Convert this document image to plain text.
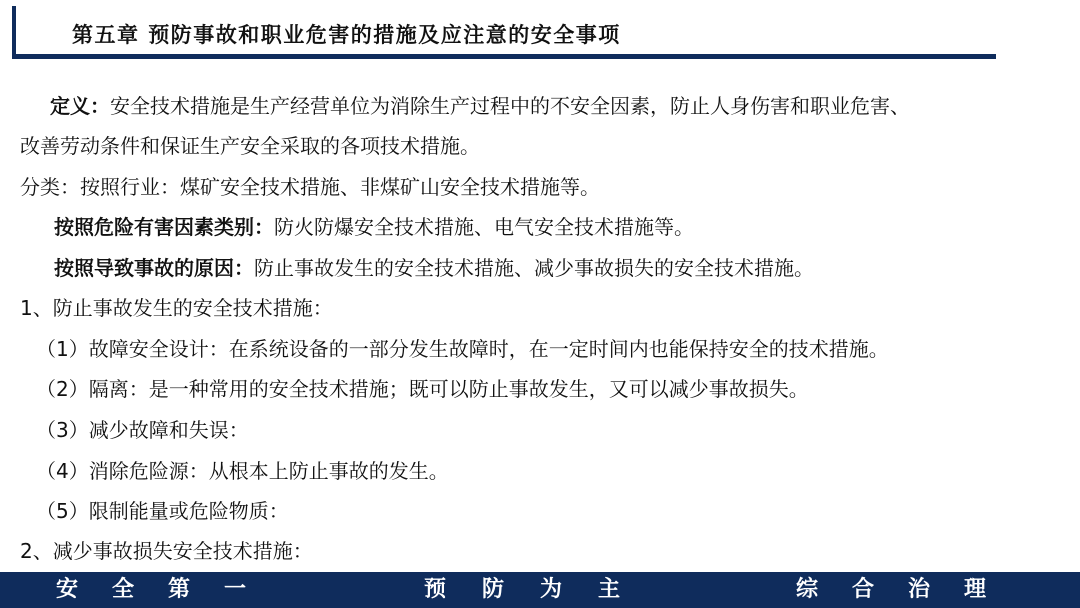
第五章 预防事故和职业危害的措施及应注意的安全事项
定义：安全技术措施是生产经营单位为消除生产过程中的不安全因素，防止人身伤害和职业危害、
改善劳动条件和保证生产安全采取的各项技术措施。
分类：按照行业：煤矿安全技术措施、非煤矿山安全技术措施等。
按照危险有害因素类别：防火防爆安全技术措施、电气安全技术措施等。
按照导致事故的原因：防止事故发生的安全技术措施、减少事故损失的安全技术措施。
1、防止事故发生的安全技术措施：
（1）故障安全设计：在系统设备的一部分发生故障时，在一定时间内也能保持安全的技术措施。
（2）隔离：是一种常用的安全技术措施；既可以防止事故发生，又可以减少事故损失。
（3）减少故障和失误：
（4）消除危险源：从根本上防止事故的发生。
（5）限制能量或危险物质：
2、减少事故损失安全技术措施：
安全第一	预防为主	综合治理
